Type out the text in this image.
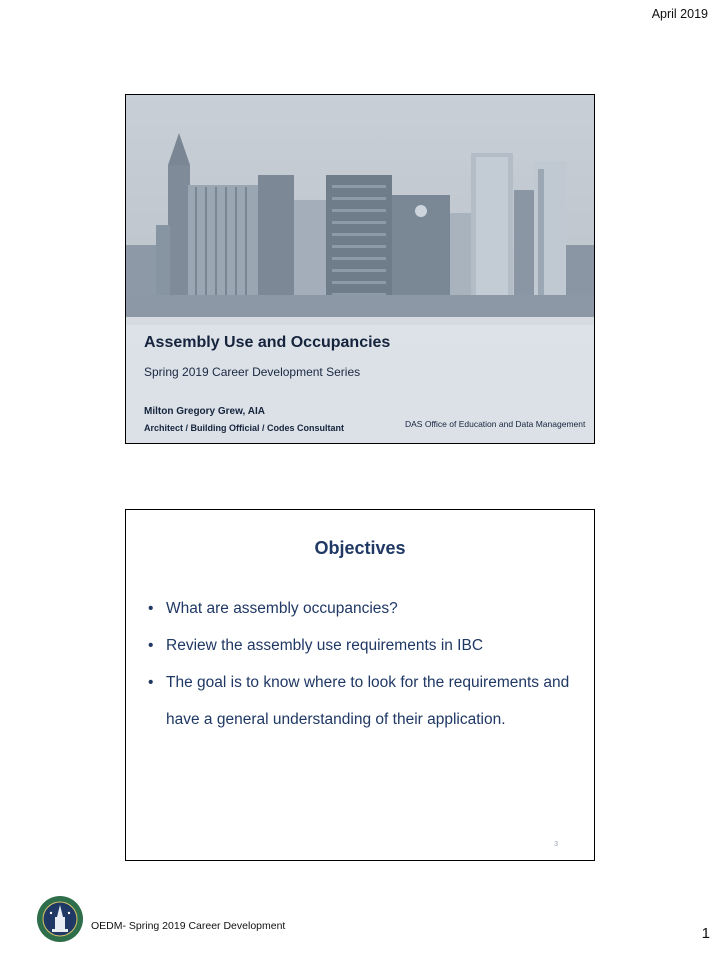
April 2019
Assembly Use and Occupancies
Spring 2019 Career Development Series
Milton Gregory Grew, AIA
Architect / Building Official / Codes Consultant	DAS Office of Education and Data Management
Objectives
• What are assembly occupancies?
• Review the assembly use requirements in IBC
• The goal is to know where to look for the requirements and have a general understanding of their application.
3
OEDM- Spring 2019 Career Development	1
